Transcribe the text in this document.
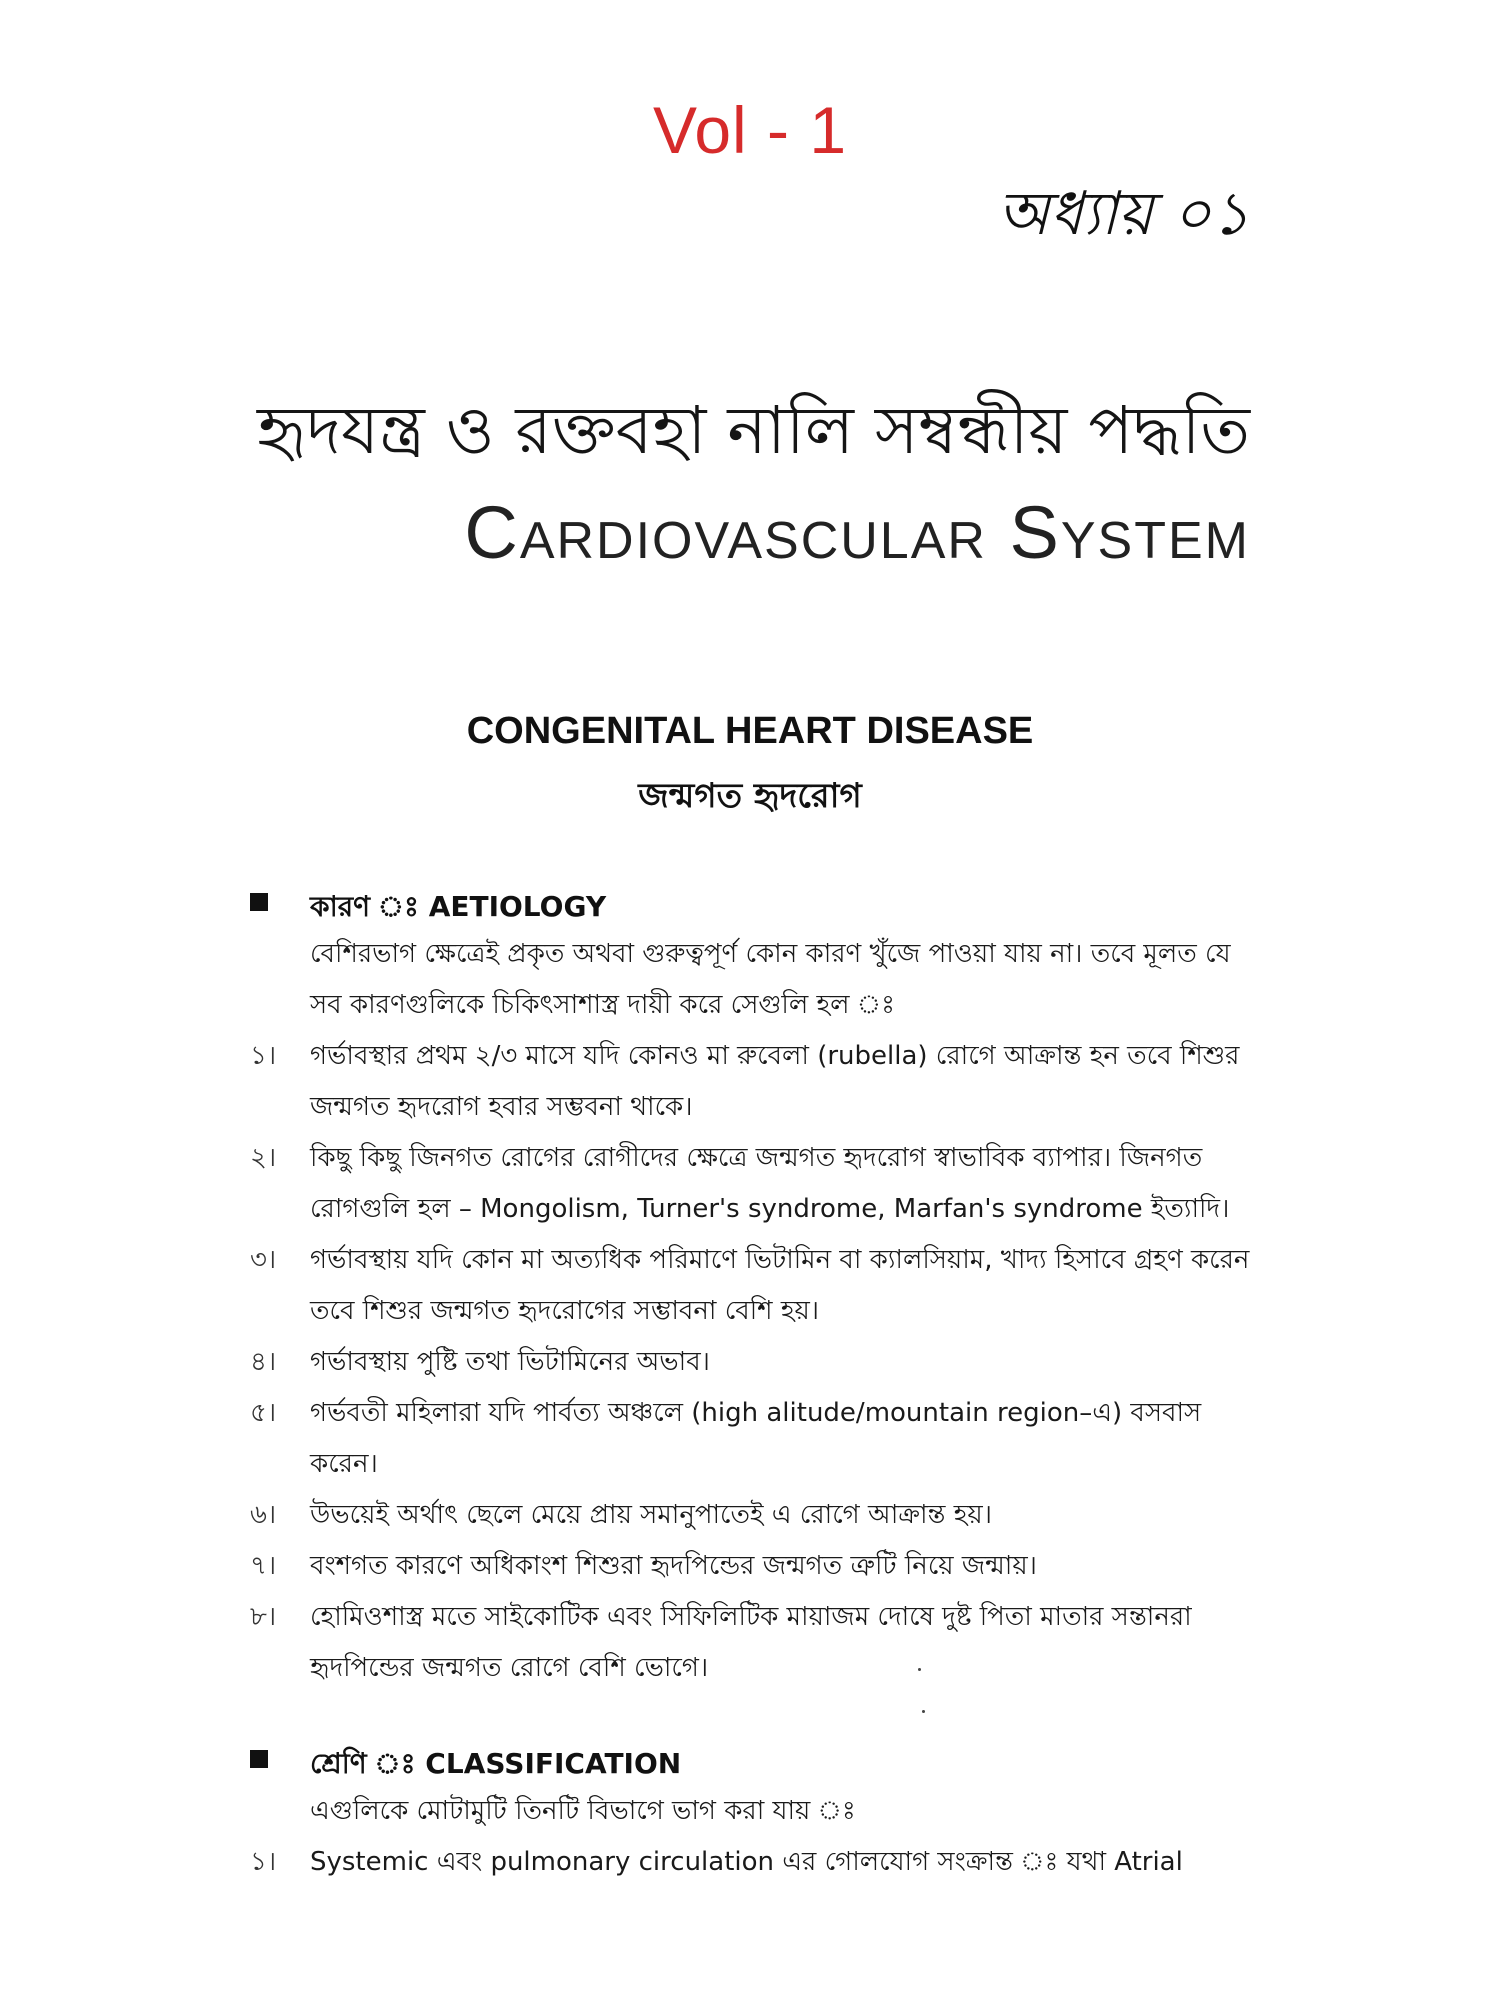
Vol - 1
অধ্যায় ০১
হৃদযন্ত্র ও রক্তবহা নালি সম্বন্ধীয় পদ্ধতি
Cardiovascular System
CONGENITAL HEART DISEASE
জন্মগত হৃদরোগ
কারণ ঃ AETIOLOGY
বেশিরভাগ ক্ষেত্রেই প্রকৃত অথবা গুরুত্বপূর্ণ কোন কারণ খুঁজে পাওয়া যায় না। তবে মূলত যে সব কারণগুলিকে চিকিৎসাশাস্ত্র দায়ী করে সেগুলি হল ঃ
১।	গর্ভাবস্থার প্রথম ২/৩ মাসে যদি কোনও মা রুবেলা (rubella) রোগে আক্রান্ত হন তবে শিশুর জন্মগত হৃদরোগ হবার সম্ভবনা থাকে।
২।	কিছু কিছু জিনগত রোগের রোগীদের ক্ষেত্রে জন্মগত হৃদরোগ স্বাভাবিক ব্যাপার। জিনগত রোগগুলি হল – Mongolism, Turner's syndrome, Marfan's syndrome ইত্যাদি।
৩।	গর্ভাবস্থায় যদি কোন মা অত্যধিক পরিমাণে ভিটামিন বা ক্যালসিয়াম, খাদ্য হিসাবে গ্রহণ করেন তবে শিশুর জন্মগত হৃদরোগের সম্ভাবনা বেশি হয়।
৪।	গর্ভাবস্থায় পুষ্টি তথা ভিটামিনের অভাব।
৫।	গর্ভবতী মহিলারা যদি পার্বত্য অঞ্চলে (high alitude/mountain region–এ) বসবাস করেন।
৬।	উভয়েই অর্থাৎ ছেলে মেয়ে প্রায় সমানুপাতেই এ রোগে আক্রান্ত হয়।
৭।	বংশগত কারণে অধিকাংশ শিশুরা হৃদপিন্ডের জন্মগত ত্রুটি নিয়ে জন্মায়।
৮।	হোমিওশাস্ত্র মতে সাইকোটিক এবং সিফিলিটিক মায়াজম দোষে দুষ্ট পিতা মাতার সন্তানরা হৃদপিন্ডের জন্মগত রোগে বেশি ভোগে।
শ্রেণি ঃ CLASSIFICATION
এগুলিকে মোটামুটি তিনটি বিভাগে ভাগ করা যায় ঃ
১।	Systemic এবং pulmonary circulation এর গোলযোগ সংক্রান্ত ঃ যথা Atrial
